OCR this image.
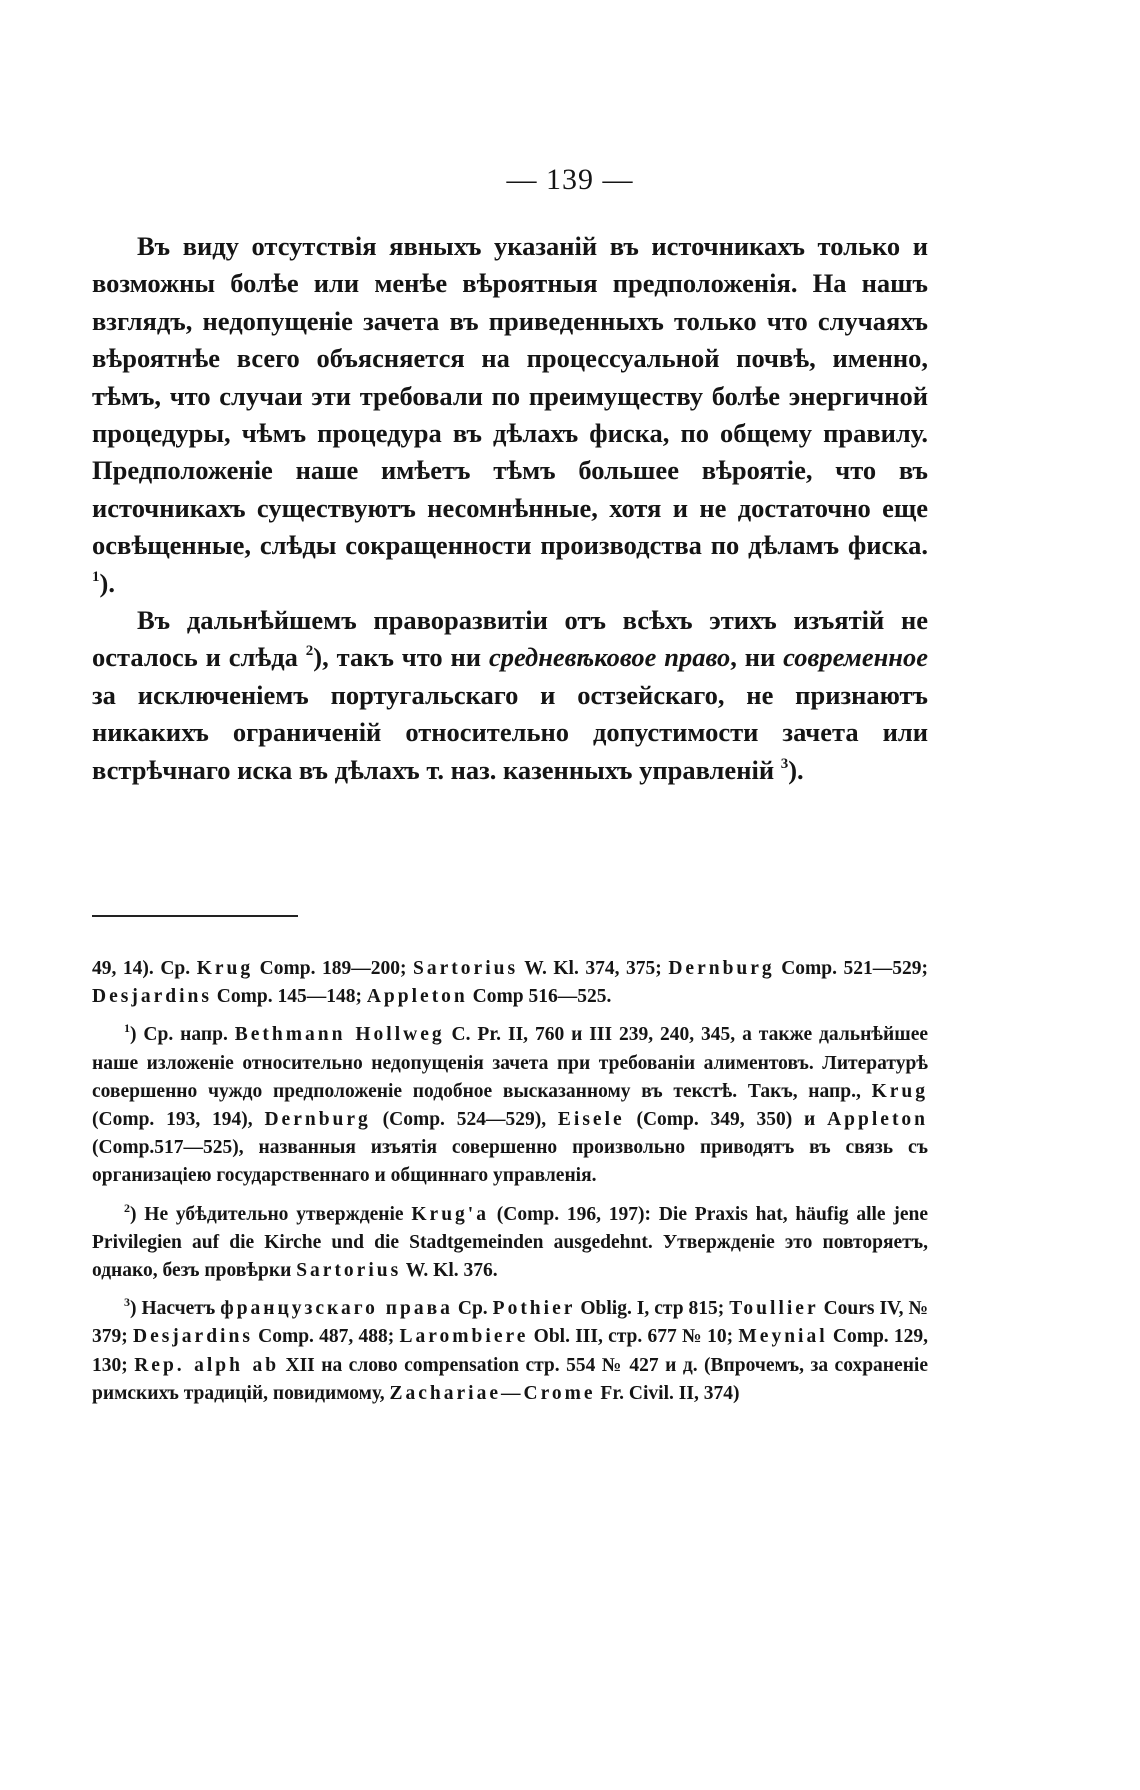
— 139 —

Въ виду отсутствія явныхъ указаній въ источникахъ только и возможны болѣе или менѣе вѣроятныя предположенія. На нашъ взглядъ, недопущеніе зачета въ приведенныхъ только что случаяхъ вѣроятнѣе всего объясняется на процессуальной почвѣ, именно, тѣмъ, что случаи эти требовали по преимуществу болѣе энергичной процедуры, чѣмъ процедура въ дѣлахъ фиска, по общему правилу. Предположеніе наше имѣетъ тѣмъ большее вѣроятіе, что въ источникахъ существуютъ несомнѣнные, хотя и не достаточно еще освѣщенные, слѣды сокращенности производства по дѣламъ фиска. $^1$).

Въ дальнѣйшемъ праворазвитіи отъ всѣхъ этихъ изъятій не осталось и слѣда $^2$), такъ что ни средневѣковое право, ни современное за исключеніемъ португальскаго и остзейскаго, не признаютъ никакихъ ограниченій относительно допустимости зачета или встрѣчнаго иска въ дѣлахъ т. наз. казенныхъ управленій $^3$).

49, 14). Ср. Krug Comp. 189—200; Sartorius W. Kl. 374, 375; Dernburg Comp. 521—529; Desjardins Comp. 145—148; Appleton Comp 516—525.

$^1$) Ср. напр. Bethmann Hollweg C. Pr. II, 760 и III 239, 240, 345, а также дальнѣйшее наше изложеніе относительно недопущенія зачета при требованіи алиментовъ. Литературѣ совершенно чуждо предположеніе подобное высказанному въ текстѣ. Такъ, напр., Krug (Comp. 193, 194), Dernburg (Comp. 524—529), Eisele (Comp. 349, 350) и Appleton (Comp.517—525), названныя изъятія совершенно произвольно приводятъ въ связь съ организаціею государственнаго и общиннаго управленія.

$^2$) Не убѣдительно утвержденіе Krug'a (Comp. 196, 197): Die Praxis hat, häufig alle jene Privilegien auf die Kirche und die Stadtgemeinden ausgedehnt. Утвержденіе это повторяетъ, однако, безъ провѣрки Sartorius W. Kl. 376.

$^3$) Насчетъ французскаго права Ср. Pothier Oblig. I, стр 815; Toullier Cours IV, № 379; Desjardins Comp. 487, 488; Larombiere Obl. III, стр. 677 № 10; Meynial Comp. 129, 130; Rep. alph ab XII на слово compensation стр. 554 № 427 и д. (Впрочемъ, за сохраненіе римскихъ традицій, повидимому, Zachariae—Crome Fr. Civil. II, 374)
